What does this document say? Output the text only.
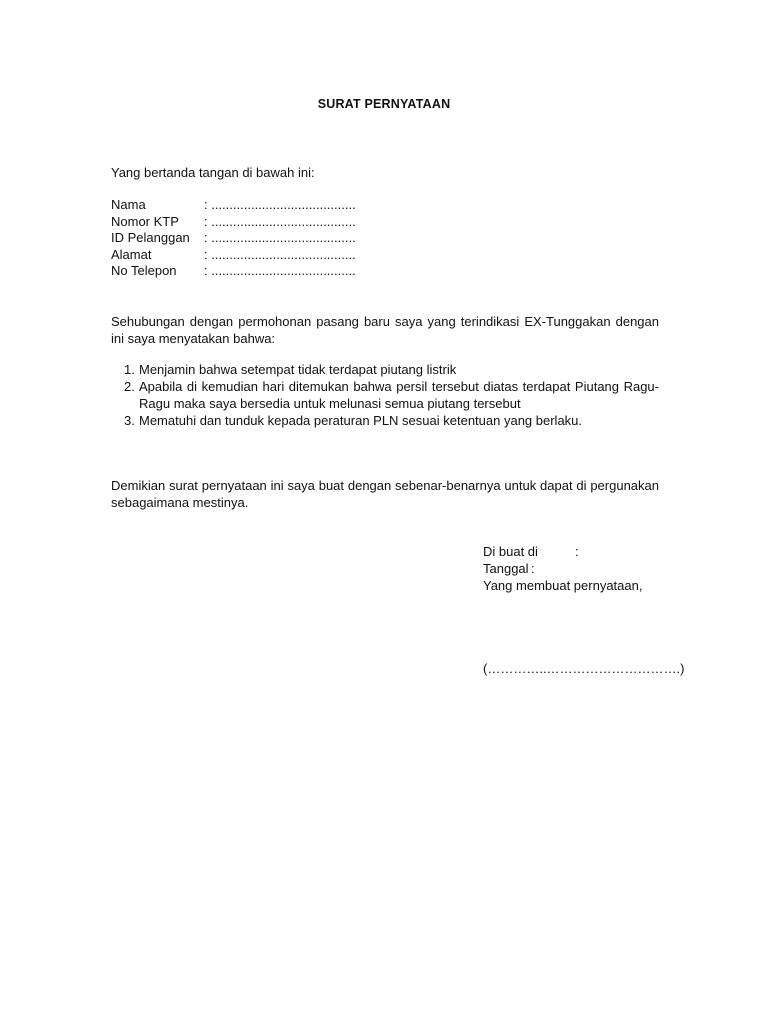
SURAT PERNYATAAN
Yang bertanda tangan di bawah ini:
Nama	: ........................................
Nomor KTP	: ........................................
ID Pelanggan	: ........................................
Alamat	: ........................................
No Telepon	: ........................................
Sehubungan dengan permohonan pasang baru saya yang terindikasi EX-Tunggakan dengan ini saya menyatakan bahwa:
1. Menjamin bahwa setempat tidak terdapat piutang listrik
2. Apabila di kemudian hari ditemukan bahwa persil tersebut diatas terdapat Piutang Ragu-Ragu maka saya bersedia untuk melunasi semua piutang tersebut
3. Mematuhi dan tunduk kepada peraturan PLN sesuai ketentuan yang berlaku.
Demikian surat pernyataan ini saya buat dengan sebenar-benarnya untuk dapat di pergunakan sebagaimana mestinya.
Di buat di	:
Tanggal :
Yang membuat pernyataan,
(…………..………………………….)
